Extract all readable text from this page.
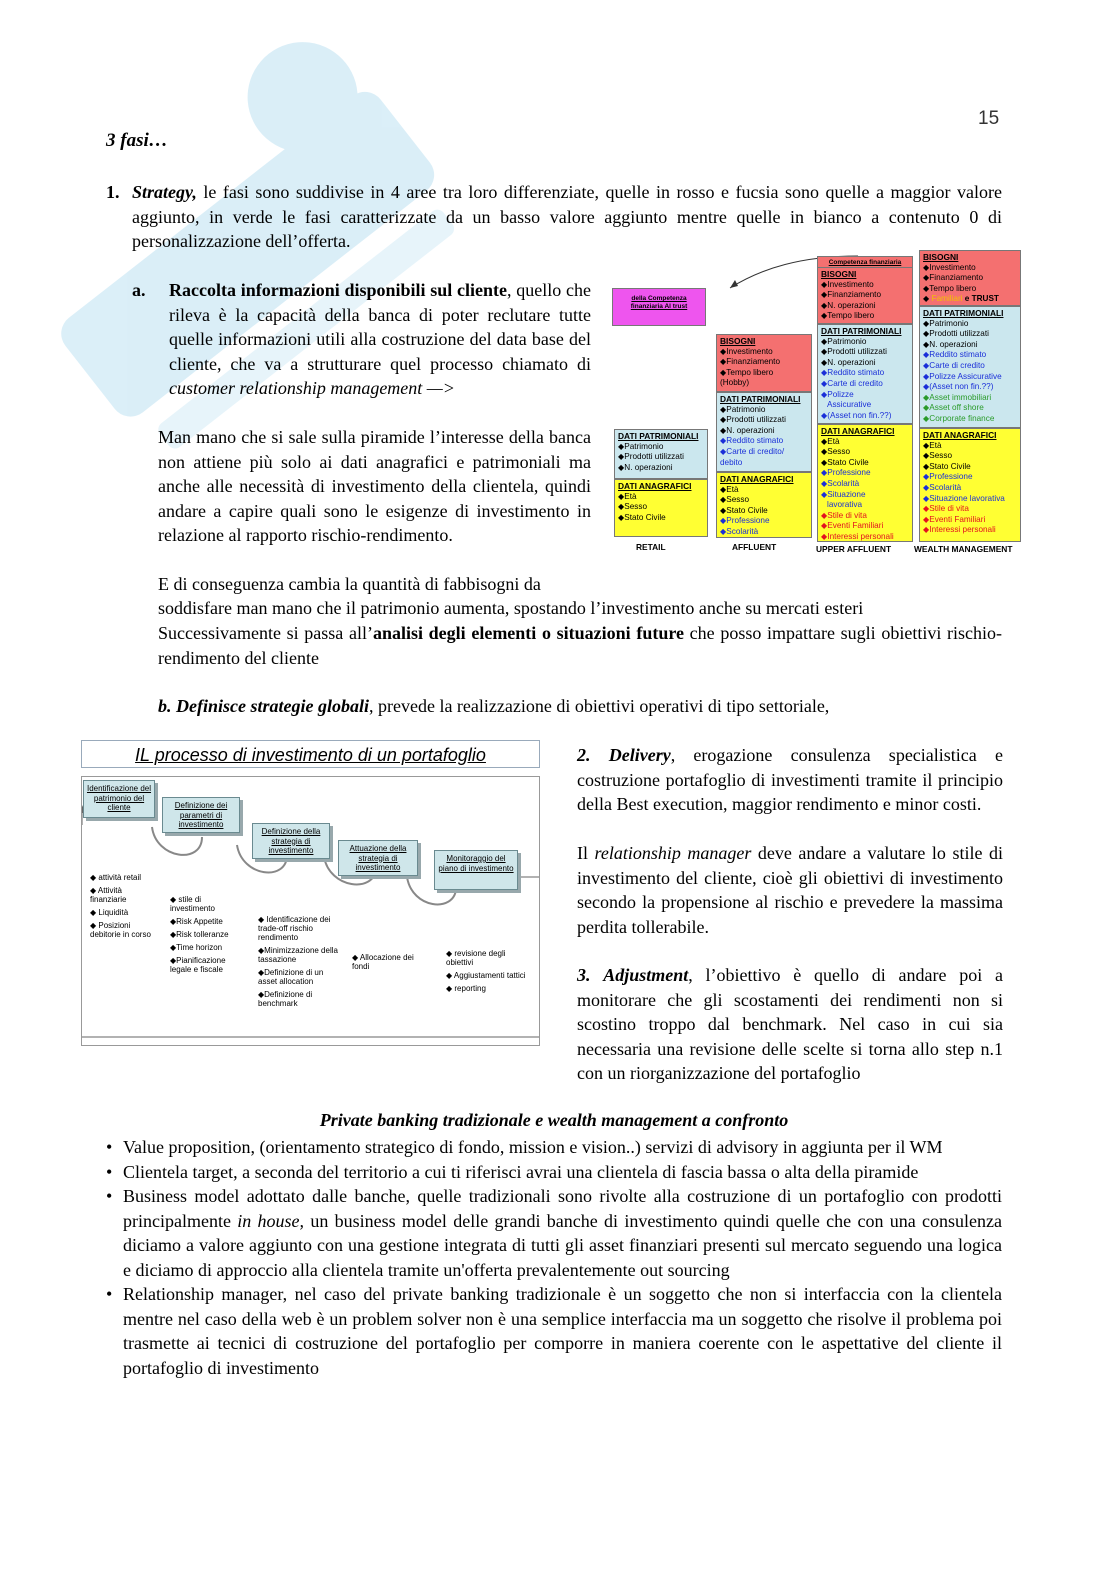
15
3 fasi…
1. Strategy, le fasi sono suddivise in 4 aree tra loro differenziate, quelle in rosso e fucsia sono quelle a maggior valore aggiunto, in verde le fasi caratterizzate da un basso valore aggiunto mentre quelle in bianco a contenuto 0 di personalizzazione dell’offerta.
a.	Raccolta informazioni disponibili sul cliente, quello che rileva è la capacità della banca di poter reclutare tutte quelle informazioni utili alla costruzione del data base del cliente, che va a strutturare quel processo chiamato di customer relationship management —>
Man mano che si sale sulla piramide l’interesse della banca non attiene più solo ai dati anagrafici e patrimoniali ma anche alle necessità di investimento della clientela, quindi andare a capire quali sono le esigenze di investimento in relazione al rapporto rischio-rendimento.
E di conseguenza cambia la quantità di fabbisogni da
soddisfare man mano che il patrimonio aumenta, spostando l’investimento anche su mercati esteri
Successivamente si passa all’analisi degli elementi o situazioni future che posso impattare sugli obiettivi rischio-rendimento del cliente
b. Definisce strategie globali, prevede la realizzazione di obiettivi operativi di tipo settoriale,
Competenza finanziaria
della Competenza finanziaria Al trust
DATI PATRIMONIALI
◆Patrimonio
◆Prodotti utilizzati
◆N. operazioni
DATI ANAGRAFICI
◆Età
◆Sesso
◆Stato Civile
RETAIL
BISOGNI
◆Investimento
◆Finanziamento
◆Tempo libero
(Hobby)
DATI PATRIMONIALI
◆Patrimonio
◆Prodotti utilizzati
◆N. operazioni
◆Reddito stimato
◆Carte di credito/
debito
DATI ANAGRAFICI
◆Età
◆Sesso
◆Stato Civile
◆Professione
◆Scolarità
AFFLUENT
BISOGNI
◆Investimento
◆Finanziamento
◆N. operazioni
◆Tempo libero
DATI PATRIMONIALI
◆Patrimonio
◆Prodotti utilizzati
◆N. operazioni
◆Reddito stimato
◆Carte di credito
◆Polizze
Assicurative
◆(Asset non fin.??)
DATI ANAGRAFICI
◆Età
◆Sesso
◆Stato Civile
◆Professione
◆Scolarità
◆Situazione
lavorativa
◆Stile di vita
◆Eventi Familiari
◆Interessi personali
UPPER AFFLUENT
BISOGNI
◆Investimento
◆Finanziamento
◆Tempo libero
◆ Familiari e TRUST
DATI PATRIMONIALI
◆Patrimonio
◆Prodotti utilizzati
◆N. operazioni
◆Reddito stimato
◆Carte di credito
◆Polizze Assicurative
◆(Asset non fin.??)
◆Asset immobiliari
◆Asset off shore
◆Corporate finance
DATI ANAGRAFICI
◆Età
◆Sesso
◆Stato Civile
◆Professione
◆Scolarità
◆Situazione lavorativa
◆Stile di vita
◆Eventi Familiari
◆Interessi personali
WEALTH MANAGEMENT
IL processo di investimento di un portafoglio
Identificazione del patrimonio del cliente	Definizione dei parametri di investimento
Definizione della strategia di investimento	Attuazione della strategia di investimento
Monitoraggio del piano di investimento
◆ attività retail
◆ Attività finanziarie
◆ Liquidità
◆ Posizioni debitorie in corso
◆ stile di investimento
◆Risk Appetite
◆Risk tolleranze
◆Time horizon
◆Pianificazione legale e fiscale
◆ Identificazione dei trade-off rischio rendimento
◆Minimizzazione della tassazione
◆Definizione di un asset allocation
◆Definizione di benchmark
◆ Allocazione dei fondi
◆ revisione degli obiettivi
◆ Aggiustamenti tattici
◆ reporting
2. Delivery, erogazione consulenza specialistica e costruzione portafoglio di investimenti tramite il principio della Best execution, maggior rendimento e minor costi.
Il relationship manager deve andare a valutare lo stile di investimento del cliente, cioè gli obiettivi di investimento secondo la propensione al rischio e prevedere la massima perdita tollerabile.
3. Adjustment, l’obiettivo è quello di andare poi a monitorare che gli scostamenti dei rendimenti non si scostino troppo dal benchmark. Nel caso in cui sia necessaria una revisione delle scelte si torna allo step n.1 con un riorganizzazione del portafoglio
Private banking tradizionale e wealth management a confronto
• Value proposition, (orientamento strategico di fondo, mission e vision..) servizi di advisory in aggiunta per il WM
• Clientela target, a seconda del territorio a cui ti riferisci avrai una clientela di fascia bassa o alta della piramide
• Business model adottato dalle banche, quelle tradizionali sono rivolte alla costruzione di un portafoglio con prodotti principalmente in house, un business model delle grandi banche di investimento quindi quelle che con una consulenza diciamo a valore aggiunto con una gestione integrata di tutti gli asset finanziari presenti sul mercato seguendo una logica e diciamo di approccio alla clientela tramite un'offerta prevalentemente out sourcing
• Relationship manager, nel caso del private banking tradizionale è un soggetto che non si interfaccia con la clientela mentre nel caso della web è un problem solver non è una semplice interfaccia ma un soggetto che risolve il problema poi trasmette ai tecnici di costruzione del portafoglio per comporre in maniera coerente con le aspettative del cliente il portafoglio di investimento
